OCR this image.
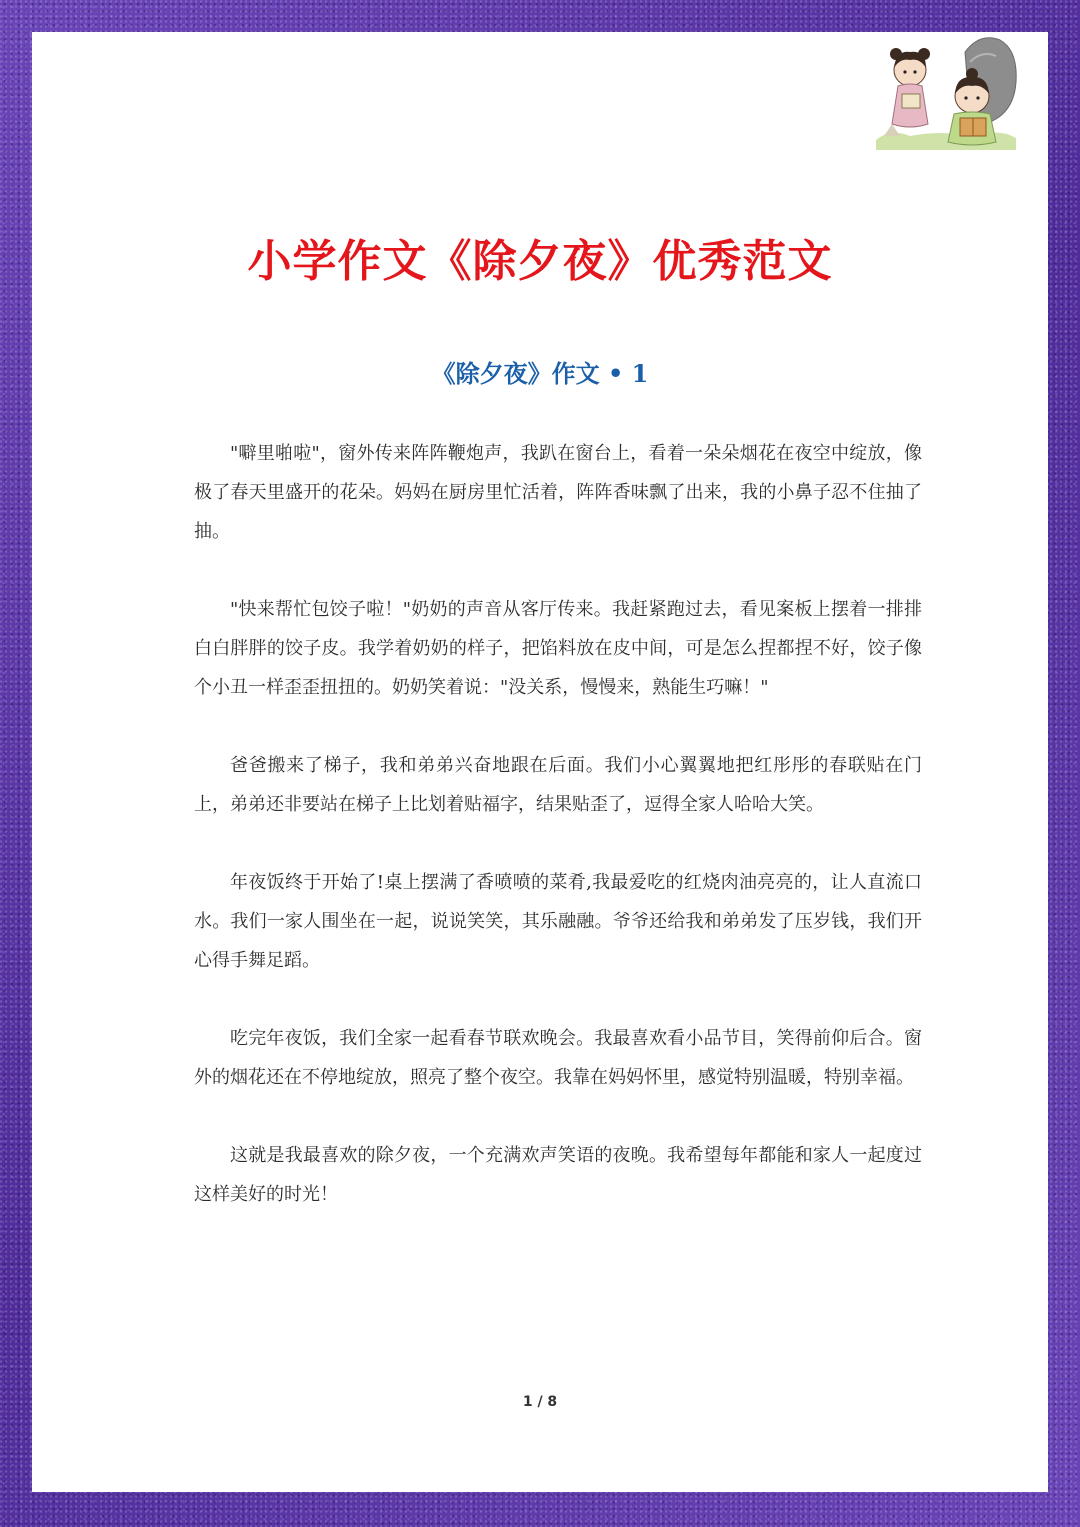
小学作文《除夕夜》优秀范文
《除夕夜》作文 • 1

"噼里啪啦"，窗外传来阵阵鞭炮声，我趴在窗台上，看着一朵朵烟花在夜空中绽放，像极了春天里盛开的花朵。妈妈在厨房里忙活着，阵阵香味飘了出来，我的小鼻子忍不住抽了抽。

"快来帮忙包饺子啦！"奶奶的声音从客厅传来。我赶紧跑过去，看见案板上摆着一排排白白胖胖的饺子皮。我学着奶奶的样子，把馅料放在皮中间，可是怎么捏都捏不好，饺子像个小丑一样歪歪扭扭的。奶奶笑着说："没关系，慢慢来，熟能生巧嘛！"

爸爸搬来了梯子，我和弟弟兴奋地跟在后面。我们小心翼翼地把红彤彤的春联贴在门上，弟弟还非要站在梯子上比划着贴福字，结果贴歪了，逗得全家人哈哈大笑。

年夜饭终于开始了!桌上摆满了香喷喷的菜肴,我最爱吃的红烧肉油亮亮的，让人直流口水。我们一家人围坐在一起，说说笑笑，其乐融融。爷爷还给我和弟弟发了压岁钱，我们开心得手舞足蹈。

吃完年夜饭，我们全家一起看春节联欢晚会。我最喜欢看小品节目，笑得前仰后合。窗外的烟花还在不停地绽放，照亮了整个夜空。我靠在妈妈怀里，感觉特别温暖，特别幸福。

这就是我最喜欢的除夕夜，一个充满欢声笑语的夜晚。我希望每年都能和家人一起度过这样美好的时光！

1 / 8
